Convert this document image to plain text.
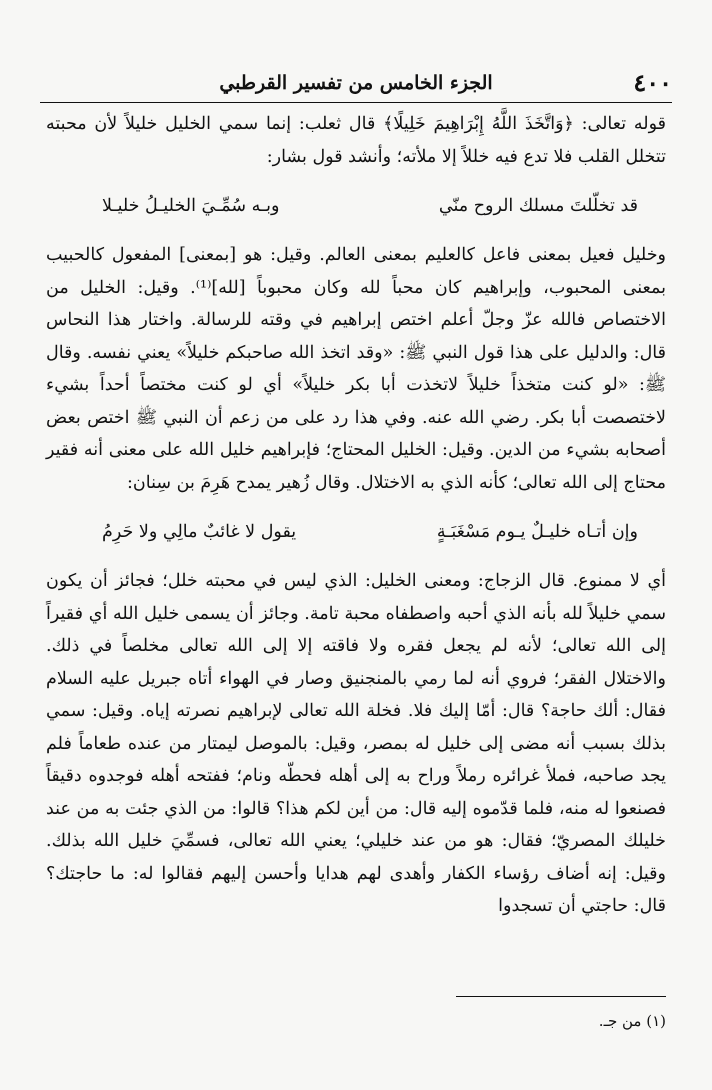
٤٠٠
الجزء الخامس من تفسير القرطبي

قوله تعالى: ﴿وَاتَّخَذَ اللَّهُ إِبْرَاهِيمَ خَلِيلًا﴾ قال ثعلب: إنما سمي الخليل خليلاً لأن محبته تتخلل القلب فلا تدع فيه خللاً إلا ملأته؛ وأنشد قول بشار:

قد تخلّلتَ مسلك الروح منّي
وبـه سُمِّـيَ الخليـلُ خليـلا

وخليل فعيل بمعنى فاعل كالعليم بمعنى العالم. وقيل: هو [بمعنى] المفعول كالحبيب بمعنى المحبوب، وإبراهيم كان محباً لله وكان محبوباً [لله]⁽¹⁾. وقيل: الخليل من الاختصاص فالله عزّ وجلّ أعلم اختص إبراهيم في وقته للرسالة. واختار هذا النحاس قال: والدليل على هذا قول النبي ﷺ: «وقد اتخذ الله صاحبكم خليلاً» يعني نفسه. وقال ﷺ: «لو كنت متخذاً خليلاً لاتخذت أبا بكر خليلاً» أي لو كنت مختصاً أحداً بشيء لاختصصت أبا بكر. رضي الله عنه. وفي هذا رد على من زعم أن النبي ﷺ اختص بعض أصحابه بشيء من الدين. وقيل: الخليل المحتاج؛ فإبراهيم خليل الله على معنى أنه فقير محتاج إلى الله تعالى؛ كأنه الذي به الاختلال. وقال زُهير يمدح هَرِمَ بن سِنان:

وإن أتـاه خليـلٌ يـوم مَسْغَبَـةٍ
يقول لا غائبٌ مالِي ولا حَرِمُ

أي لا ممنوع. قال الزجاج: ومعنى الخليل: الذي ليس في محبته خلل؛ فجائز أن يكون سمي خليلاً لله بأنه الذي أحبه واصطفاه محبة تامة. وجائز أن يسمى خليل الله أي فقيراً إلى الله تعالى؛ لأنه لم يجعل فقره ولا فاقته إلا إلى الله تعالى مخلصاً في ذلك. والاختلال الفقر؛ فروي أنه لما رمي بالمنجنيق وصار في الهواء أتاه جبريل عليه السلام فقال: ألك حاجة؟ قال: أمّا إليك فلا. فخلة الله تعالى لإبراهيم نصرته إياه. وقيل: سمي بذلك بسبب أنه مضى إلى خليل له بمصر، وقيل: بالموصل ليمتار من عنده طعاماً فلم يجد صاحبه، فملأ غرائره رملاً وراح به إلى أهله فحطّه ونام؛ ففتحه أهله فوجدوه دقيقاً فصنعوا له منه، فلما قدّموه إليه قال: من أين لكم هذا؟ قالوا: من الذي جئت به من عند خليلك المصريّ؛ فقال: هو من عند خليلي؛ يعني الله تعالى، فسمِّيَ خليل الله بذلك. وقيل: إنه أضاف رؤساء الكفار وأهدى لهم هدايا وأحسن إليهم فقالوا له: ما حاجتك؟ قال: حاجتي أن تسجدوا

(١) من جـ.
